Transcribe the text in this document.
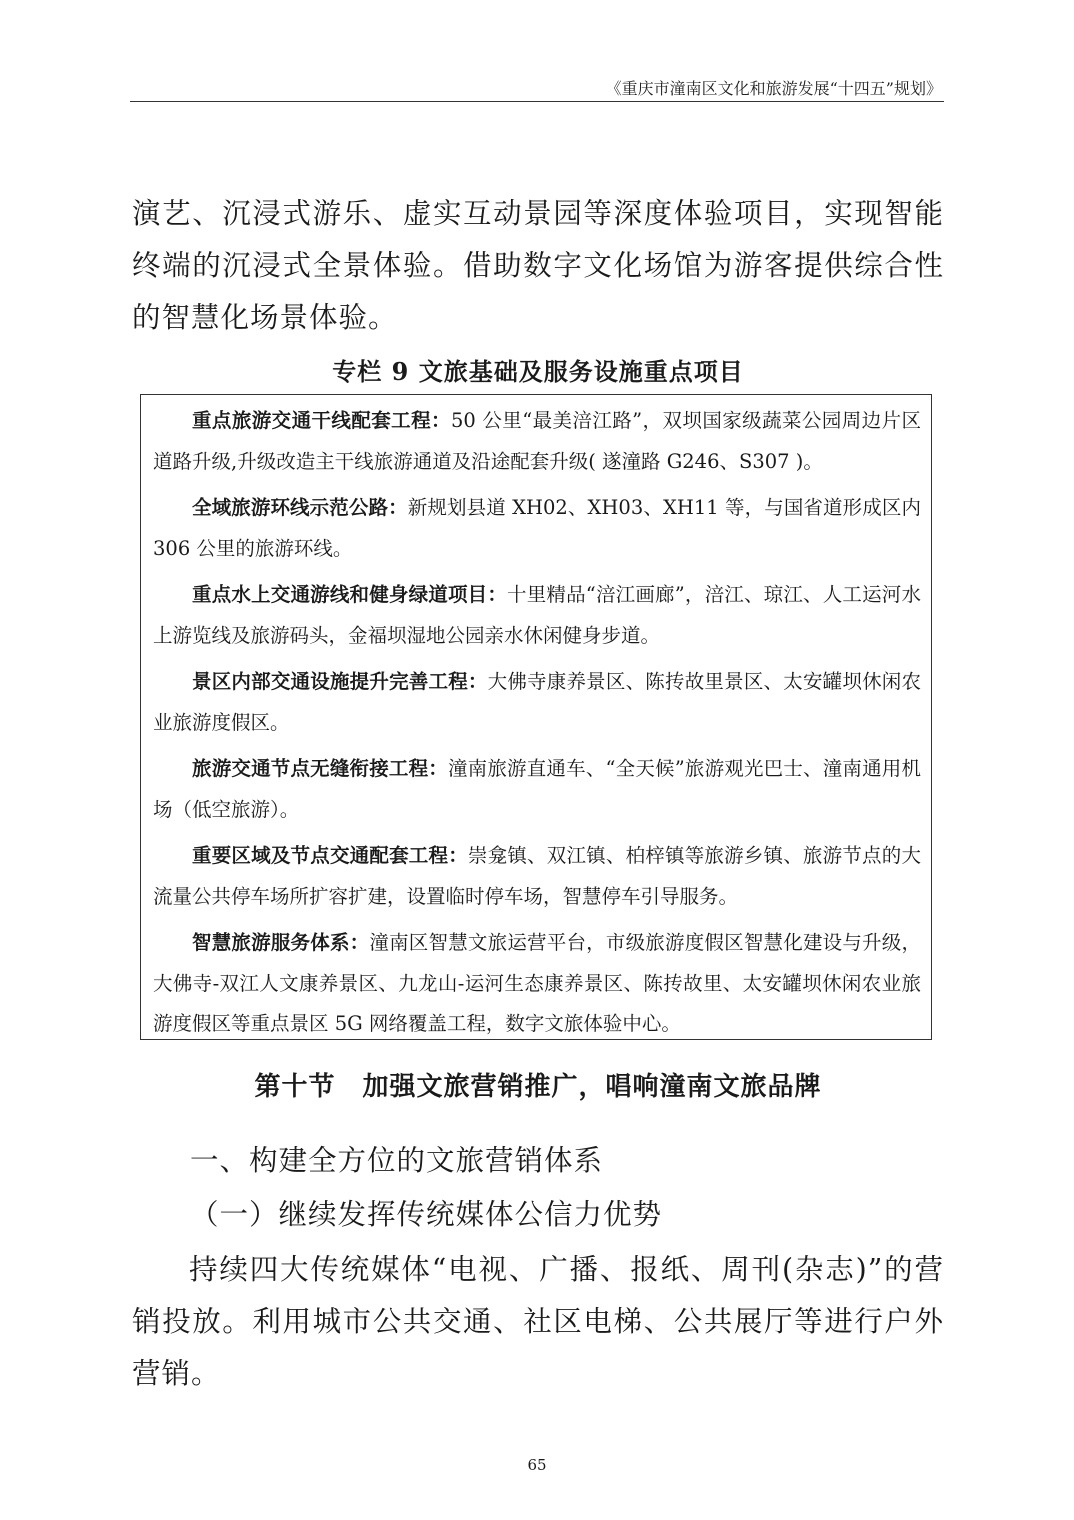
《重庆市潼南区文化和旅游发展“十四五”规划》
演艺、沉浸式游乐、虚实互动景园等深度体验项目，实现智能终端的沉浸式全景体验。借助数字文化场馆为游客提供综合性的智慧化场景体验。
专栏 9 文旅基础及服务设施重点项目

重点旅游交通干线配套工程：50 公里“最美涪江路”，双坝国家级蔬菜公园周边片区道路升级,升级改造主干线旅游通道及沿途配套升级( 遂潼路 G246、S307 )。

全域旅游环线示范公路：新规划县道 XH02、XH03、XH11 等，与国省道形成区内 306 公里的旅游环线。

重点水上交通游线和健身绿道项目：十里精品“涪江画廊”，涪江、琼江、人工运河水上游览线及旅游码头，金福坝湿地公园亲水休闲健身步道。

景区内部交通设施提升完善工程：大佛寺康养景区、陈抟故里景区、太安罐坝休闲农业旅游度假区。

旅游交通节点无缝衔接工程：潼南旅游直通车、“全天候”旅游观光巴士、潼南通用机场（低空旅游）。

重要区域及节点交通配套工程：崇龛镇、双江镇、柏梓镇等旅游乡镇、旅游节点的大流量公共停车场所扩容扩建，设置临时停车场，智慧停车引导服务。

智慧旅游服务体系：潼南区智慧文旅运营平台，市级旅游度假区智慧化建设与升级，大佛寺-双江人文康养景区、九龙山-运河生态康养景区、陈抟故里、太安罐坝休闲农业旅游度假区等重点景区 5G 网络覆盖工程，数字文旅体验中心。

第十节　加强文旅营销推广，唱响潼南文旅品牌
一、构建全方位的文旅营销体系
（一）继续发挥传统媒体公信力优势
持续四大传统媒体“电视、广播、报纸、周刊(杂志)”的营销投放。利用城市公共交通、社区电梯、公共展厅等进行户外营销。
65
